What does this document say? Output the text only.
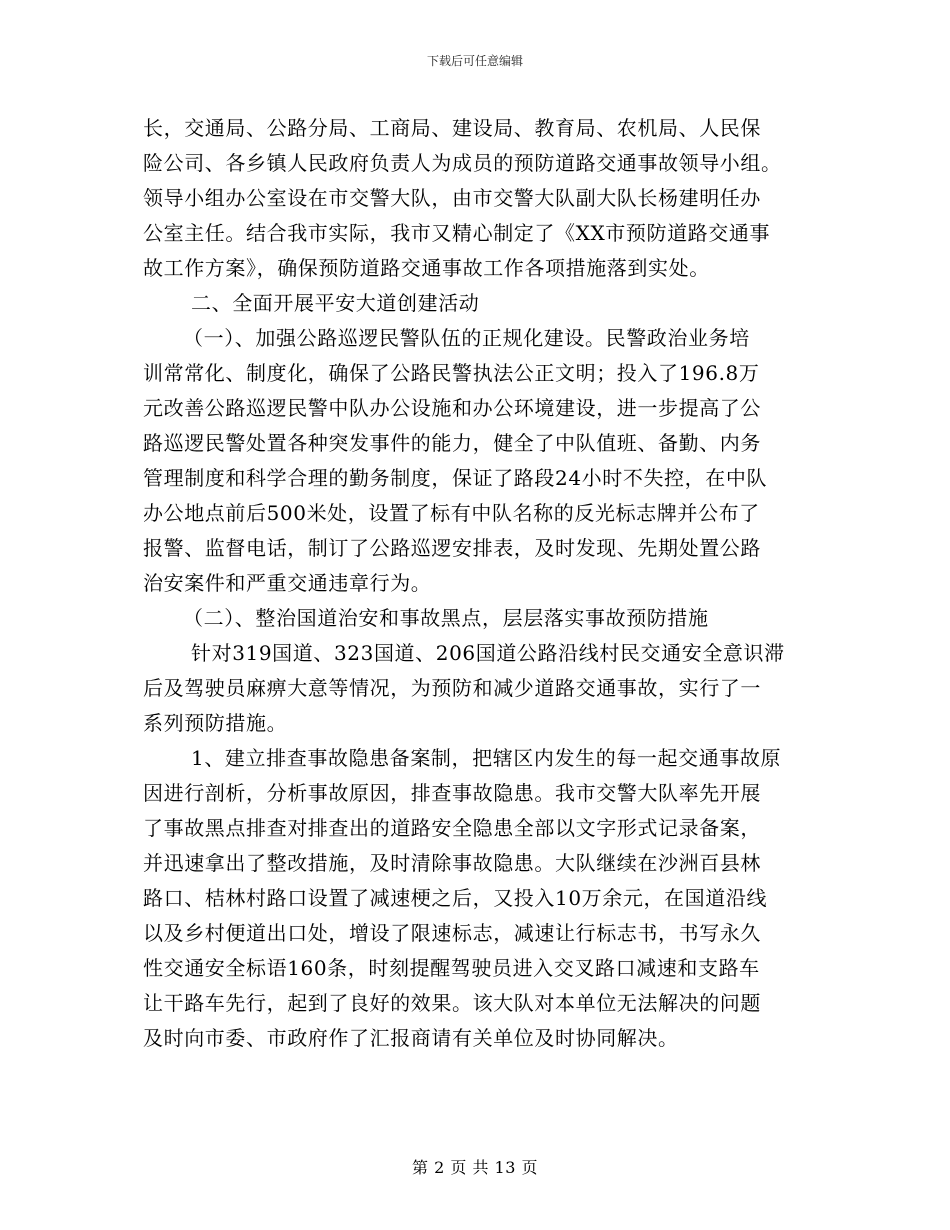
下载后可任意编辑
长，交通局、公路分局、工商局、建设局、教育局、农机局、人民保
险公司、各乡镇人民政府负责人为成员的预防道路交通事故领导小组。
领导小组办公室设在市交警大队，由市交警大队副大队长杨建明任办
公室主任。结合我市实际，我市又精心制定了《XX市预防道路交通事
故工作方案》，确保预防道路交通事故工作各项措施落到实处。
二、全面开展平安大道创建活动
（一）、加强公路巡逻民警队伍的正规化建设。民警政治业务培
训常常化、制度化，确保了公路民警执法公正文明；投入了196.8万
元改善公路巡逻民警中队办公设施和办公环境建设，进一步提高了公
路巡逻民警处置各种突发事件的能力，健全了中队值班、备勤、内务
管理制度和科学合理的勤务制度，保证了路段24小时不失控，在中队
办公地点前后500米处，设置了标有中队名称的反光标志牌并公布了
报警、监督电话，制订了公路巡逻安排表，及时发现、先期处置公路
治安案件和严重交通违章行为。
（二）、整治国道治安和事故黑点，层层落实事故预防措施
针对319国道、323国道、206国道公路沿线村民交通安全意识滞
后及驾驶员麻痹大意等情况，为预防和减少道路交通事故，实行了一
系列预防措施。
1、建立排查事故隐患备案制，把辖区内发生的每一起交通事故原
因进行剖析，分析事故原因，排查事故隐患。我市交警大队率先开展
了事故黑点排查对排查出的道路安全隐患全部以文字形式记录备案，
并迅速拿出了整改措施，及时清除事故隐患。大队继续在沙洲百县林
路口、桔林村路口设置了减速梗之后，又投入10万余元，在国道沿线
以及乡村便道出口处，增设了限速标志，减速让行标志书，书写永久
性交通安全标语160条，时刻提醒驾驶员进入交叉路口减速和支路车
让干路车先行，起到了良好的效果。该大队对本单位无法解决的问题
及时向市委、市政府作了汇报商请有关单位及时协同解决。
第 2 页 共 13 页
